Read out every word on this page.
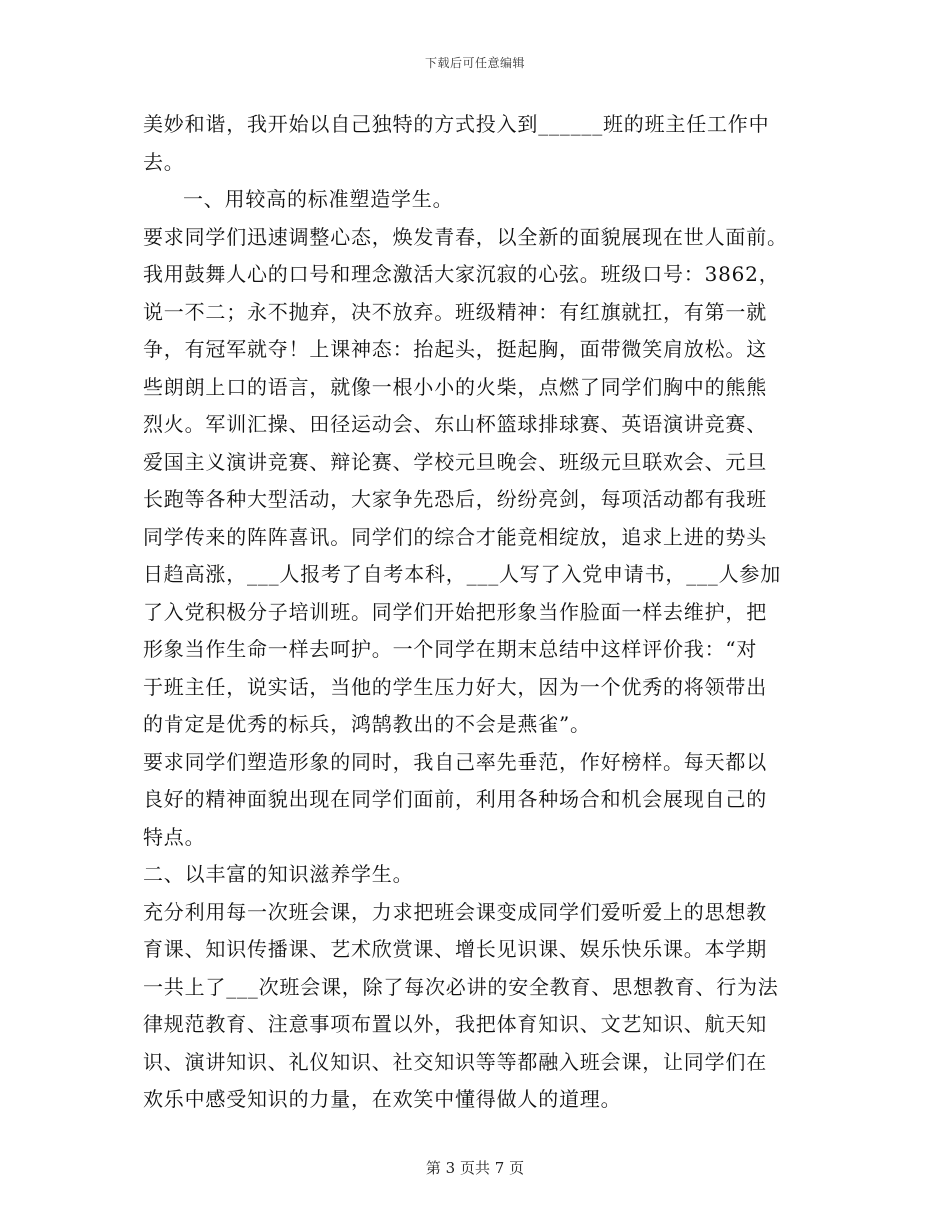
下载后可任意编辑
美妙和谐，我开始以自己独特的方式投入到______班的班主任工作中
去。
一、用较高的标准塑造学生。
要求同学们迅速调整心态，焕发青春，以全新的面貌展现在世人面前。
我用鼓舞人心的口号和理念激活大家沉寂的心弦。班级口号：3862，
说一不二；永不抛弃，决不放弃。班级精神：有红旗就扛，有第一就
争，有冠军就夺！上课神态：抬起头，挺起胸，面带微笑肩放松。这
些朗朗上口的语言，就像一根小小的火柴，点燃了同学们胸中的熊熊
烈火。军训汇操、田径运动会、东山杯篮球排球赛、英语演讲竞赛、
爱国主义演讲竞赛、辩论赛、学校元旦晚会、班级元旦联欢会、元旦
长跑等各种大型活动，大家争先恐后，纷纷亮剑，每项活动都有我班
同学传来的阵阵喜讯。同学们的综合才能竞相绽放，追求上进的势头
日趋高涨，___人报考了自考本科，___人写了入党申请书，___人参加
了入党积极分子培训班。同学们开始把形象当作脸面一样去维护，把
形象当作生命一样去呵护。一个同学在期末总结中这样评价我：“对
于班主任，说实话，当他的学生压力好大，因为一个优秀的将领带出
的肯定是优秀的标兵，鸿鹄教出的不会是燕雀”。
要求同学们塑造形象的同时，我自己率先垂范，作好榜样。每天都以
良好的精神面貌出现在同学们面前，利用各种场合和机会展现自己的
特点。
二、以丰富的知识滋养学生。
充分利用每一次班会课，力求把班会课变成同学们爱听爱上的思想教
育课、知识传播课、艺术欣赏课、增长见识课、娱乐快乐课。本学期
一共上了___次班会课，除了每次必讲的安全教育、思想教育、行为法
律规范教育、注意事项布置以外，我把体育知识、文艺知识、航天知
识、演讲知识、礼仪知识、社交知识等等都融入班会课，让同学们在
欢乐中感受知识的力量，在欢笑中懂得做人的道理。
第 3 页共 7 页
